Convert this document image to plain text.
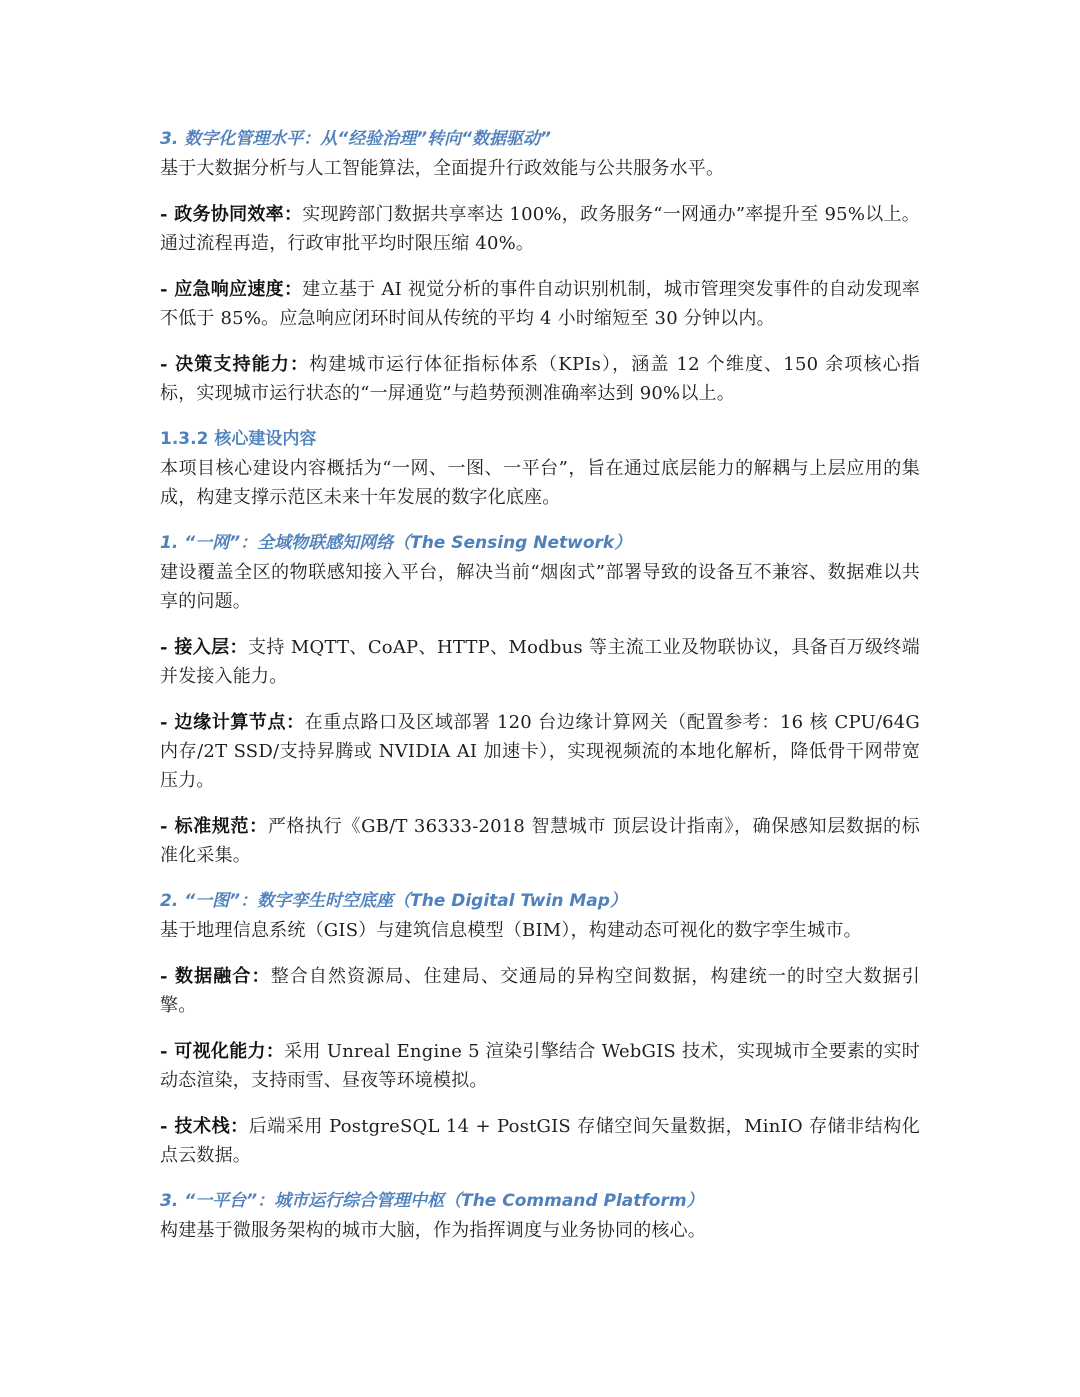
3. 数字化管理水平：从“经验治理”转向“数据驱动”

基于大数据分析与人工智能算法，全面提升行政效能与公共服务水平。

- 政务协同效率：实现跨部门数据共享率达 100%，政务服务“一网通办”率提升至 95%以上。通过流程再造，行政审批平均时限压缩 40%。

- 应急响应速度：建立基于 AI 视觉分析的事件自动识别机制，城市管理突发事件的自动发现率不低于 85%。应急响应闭环时间从传统的平均 4 小时缩短至 30 分钟以内。

- 决策支持能力：构建城市运行体征指标体系（KPIs），涵盖 12 个维度、150 余项核心指标，实现城市运行状态的“一屏通览”与趋势预测准确率达到 90%以上。

1.3.2 核心建设内容

本项目核心建设内容概括为“一网、一图、一平台”，旨在通过底层能力的解耦与上层应用的集成，构建支撑示范区未来十年发展的数字化底座。

1. “一网”：全域物联感知网络（The Sensing Network）

建设覆盖全区的物联感知接入平台，解决当前“烟囱式”部署导致的设备互不兼容、数据难以共享的问题。

- 接入层：支持 MQTT、CoAP、HTTP、Modbus 等主流工业及物联协议，具备百万级终端并发接入能力。

- 边缘计算节点：在重点路口及区域部署 120 台边缘计算网关（配置参考：16 核 CPU/64G 内存/2T SSD/支持昇腾或 NVIDIA AI 加速卡），实现视频流的本地化解析，降低骨干网带宽压力。

- 标准规范：严格执行《GB/T 36333-2018 智慧城市 顶层设计指南》，确保感知层数据的标准化采集。

2. “一图”：数字孪生时空底座（The Digital Twin Map）

基于地理信息系统（GIS）与建筑信息模型（BIM），构建动态可视化的数字孪生城市。

- 数据融合：整合自然资源局、住建局、交通局的异构空间数据，构建统一的时空大数据引擎。

- 可视化能力：采用 Unreal Engine 5 渲染引擎结合 WebGIS 技术，实现城市全要素的实时动态渲染，支持雨雪、昼夜等环境模拟。

- 技术栈：后端采用 PostgreSQL 14 + PostGIS 存储空间矢量数据，MinIO 存储非结构化点云数据。

3. “一平台”：城市运行综合管理中枢（The Command Platform）

构建基于微服务架构的城市大脑，作为指挥调度与业务协同的核心。
